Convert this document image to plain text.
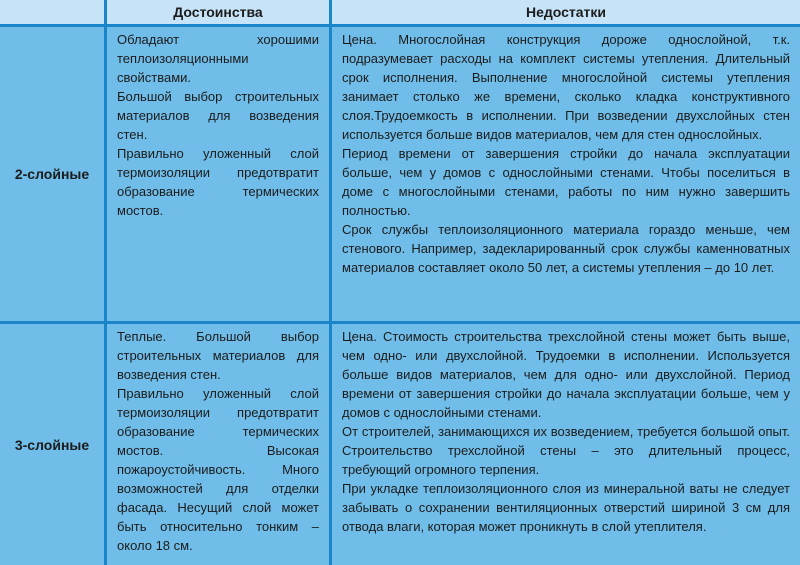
Достоинства	Недостатки
2-слойные

Обладают хорошими теплоизоляционными свойствами.

Большой выбор строительных материалов для возведения стен.

Правильно уложенный слой термоизоляции предотвратит образование термических мостов.

Цена. Многослойная конструкция дороже однослойной, т.к. подразумевает расходы на комплект системы утепления. Длительный срок исполнения. Выполнение многослойной системы утепления занимает столько же времени, сколько кладка конструктивного слоя.Трудоемкость в исполнении. При возведении двухслойных стен используется больше видов материалов, чем для стен однослойных.

Период времени от завершения стройки до начала эксплуатации больше, чем у домов с однослойными стенами. Чтобы поселиться в доме с многослойными стенами, работы по ним нужно завершить полностью.

Срок службы теплоизоляционного материала гораздо меньше, чем стенового. Например, задекларированный срок службы каменноватных материалов составляет около 50 лет, а системы утепления – до 10 лет.

3-слойные

Теплые. Большой выбор строительных материалов для возведения стен.

Правильно уложенный слой термоизоляции предотвратит образование термических мостов. Высокая пожароустойчивость. Много возможностей для отделки фасада. Несущий слой может быть относительно тонким – около 18 см.

Цена. Стоимость строительства трехслойной стены может быть выше, чем одно- или двухслойной. Трудоемки в исполнении. Используется больше видов материалов, чем для одно- или двухслойной. Период времени от завершения стройки до начала эксплуатации больше, чем у домов с однослойными стенами.

От строителей, занимающихся их возведением, требуется большой опыт. Строительство трехслойной стены – это длительный процесс, требующий огромного терпения.

При укладке теплоизоляционного слоя из минеральной ваты не следует забывать о сохранении вентиляционных отверстий шириной 3 см для отвода влаги, которая может проникнуть в слой утеплителя.
